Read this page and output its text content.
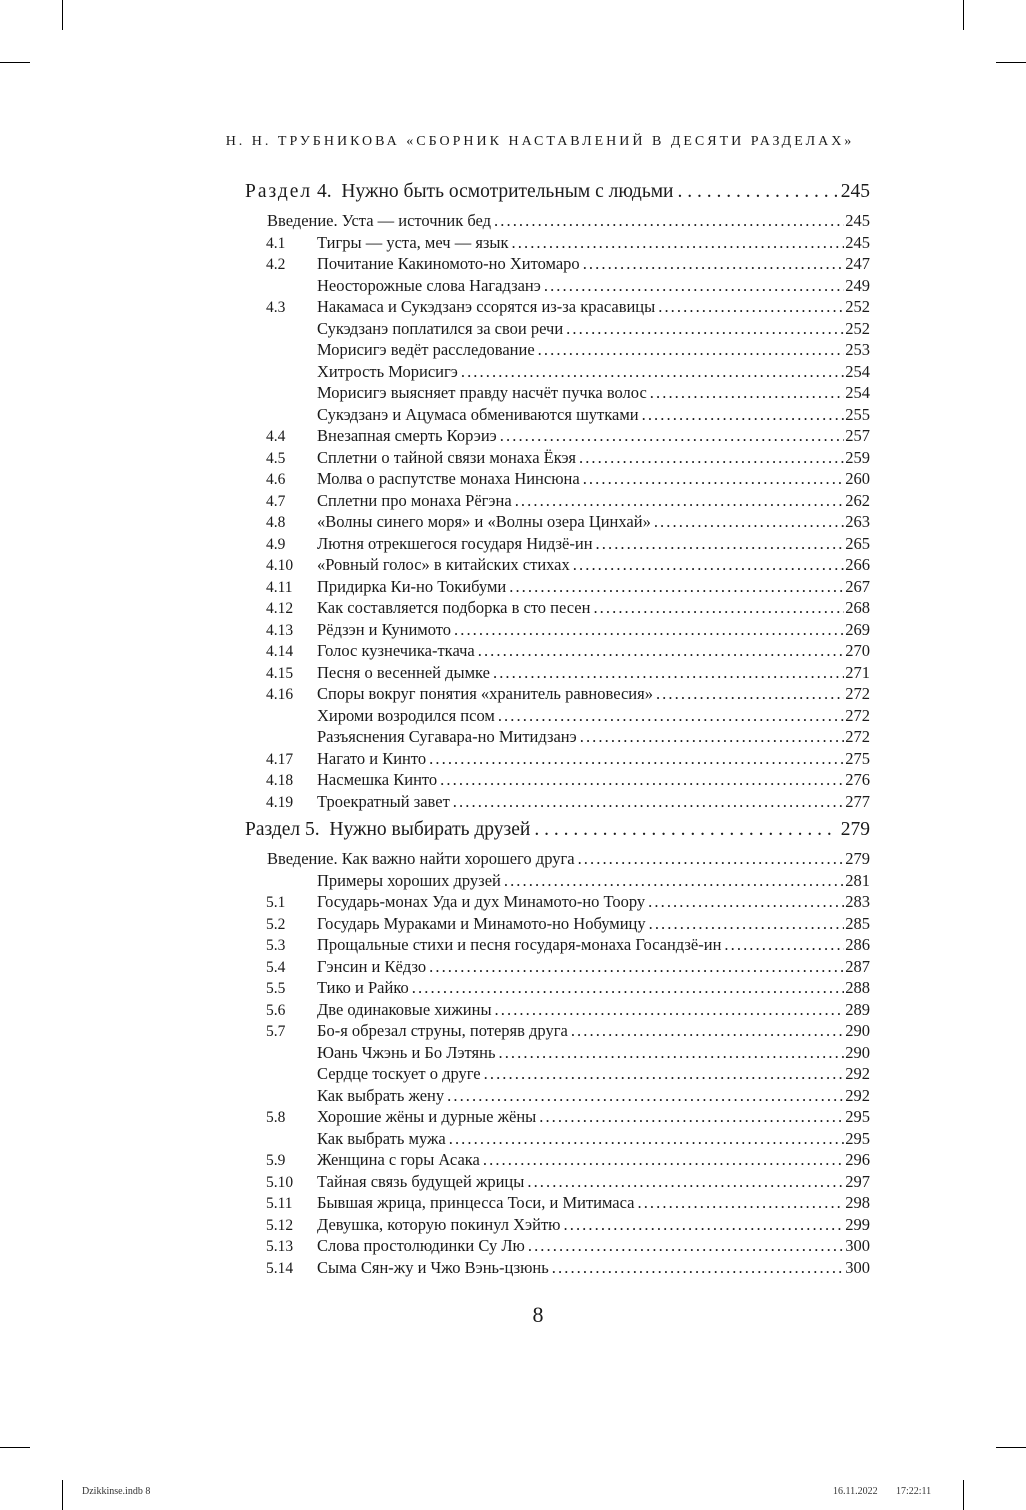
Н. Н. ТРУБНИКОВА «СБОРНИК НАСТАВЛЕНИЙ В ДЕСЯТИ РАЗДЕЛАХ»
Раздел 4. Нужно быть осмотрительным с людьми . . .	245
Введение. Уста — источник бед .....	245
4.1	Тигры — уста, меч — язык .....	245
4.2	Почитание Какиномото-но Хитомаро .....	247
Неосторожные слова Нагадзанэ .....	249
4.3	Накамаса и Сукэдзанэ ссорятся из-за красавицы .....	252
Сукэдзанэ поплатился за свои речи .....	252
Морисигэ ведёт расследование .....	253
Хитрость Морисигэ .....	254
Морисигэ выясняет правду насчёт пучка волос .....	254
Сукэдзанэ и Ацумаса обмениваются шутками .....	255
4.4	Внезапная смерть Корэиэ .....	257
4.5	Сплетни о тайной связи монаха Ёкэя .....	259
4.6	Молва о распутстве монаха Нинсюна .....	260
4.7	Сплетни про монаха Рёгэна .....	262
4.8	«Волны синего моря» и «Волны озера Цинхай» .....	263
4.9	Лютня отрекшегося государя Нидзё-ин .....	265
4.10	«Ровный голос» в китайских стихах .....	266
4.11	Придирка Ки-но Токибуми .....	267
4.12	Как составляется подборка в сто песен .....	268
4.13	Рёдзэн и Кунимото .....	269
4.14	Голос кузнечика-ткача .....	270
4.15	Песня о весенней дымке .....	271
4.16	Споры вокруг понятия «хранитель равновесия» .....	272
Хироми возродился псом .....	272
Разъяснения Сугавара-но Митидзанэ .....	272
4.17	Нагато и Кинто .....	275
4.18	Насмешка Кинто .....	276
4.19	Троекратный завет .....	277
Раздел 5. Нужно выбирать друзей . . .	279
Введение. Как важно найти хорошего друга .....	279
Примеры хороших друзей .....	281
5.1	Государь-монах Уда и дух Минамото-но Тоору .....	283
5.2	Государь Мураками и Минамото-но Нобумицу .....	285
5.3	Прощальные стихи и песня государя-монаха Госандзё-ин .....	286
5.4	Гэнсин и Кёдзо .....	287
5.5	Тико и Райко .....	288
5.6	Две одинаковые хижины .....	289
5.7	Бо-я обрезал струны, потеряв друга .....	290
Юань Чжэнь и Бо Лэтянь .....	290
Сердце тоскует о друге .....	292
Как выбрать жену .....	292
5.8	Хорошие жёны и дурные жёны .....	295
Как выбрать мужа .....	295
5.9	Женщина с горы Асака .....	296
5.10	Тайная связь будущей жрицы .....	297
5.11	Бывшая жрица, принцесса Тоси, и Митимаса .....	298
5.12	Девушка, которую покинул Хэйтю .....	299
5.13	Слова простолюдинки Су Лю .....	300
5.14	Сыма Сян-жу и Чжо Вэнь-цзюнь .....	300
8
Dzikkinse.indb 8	16.11.2022 17:22:11
